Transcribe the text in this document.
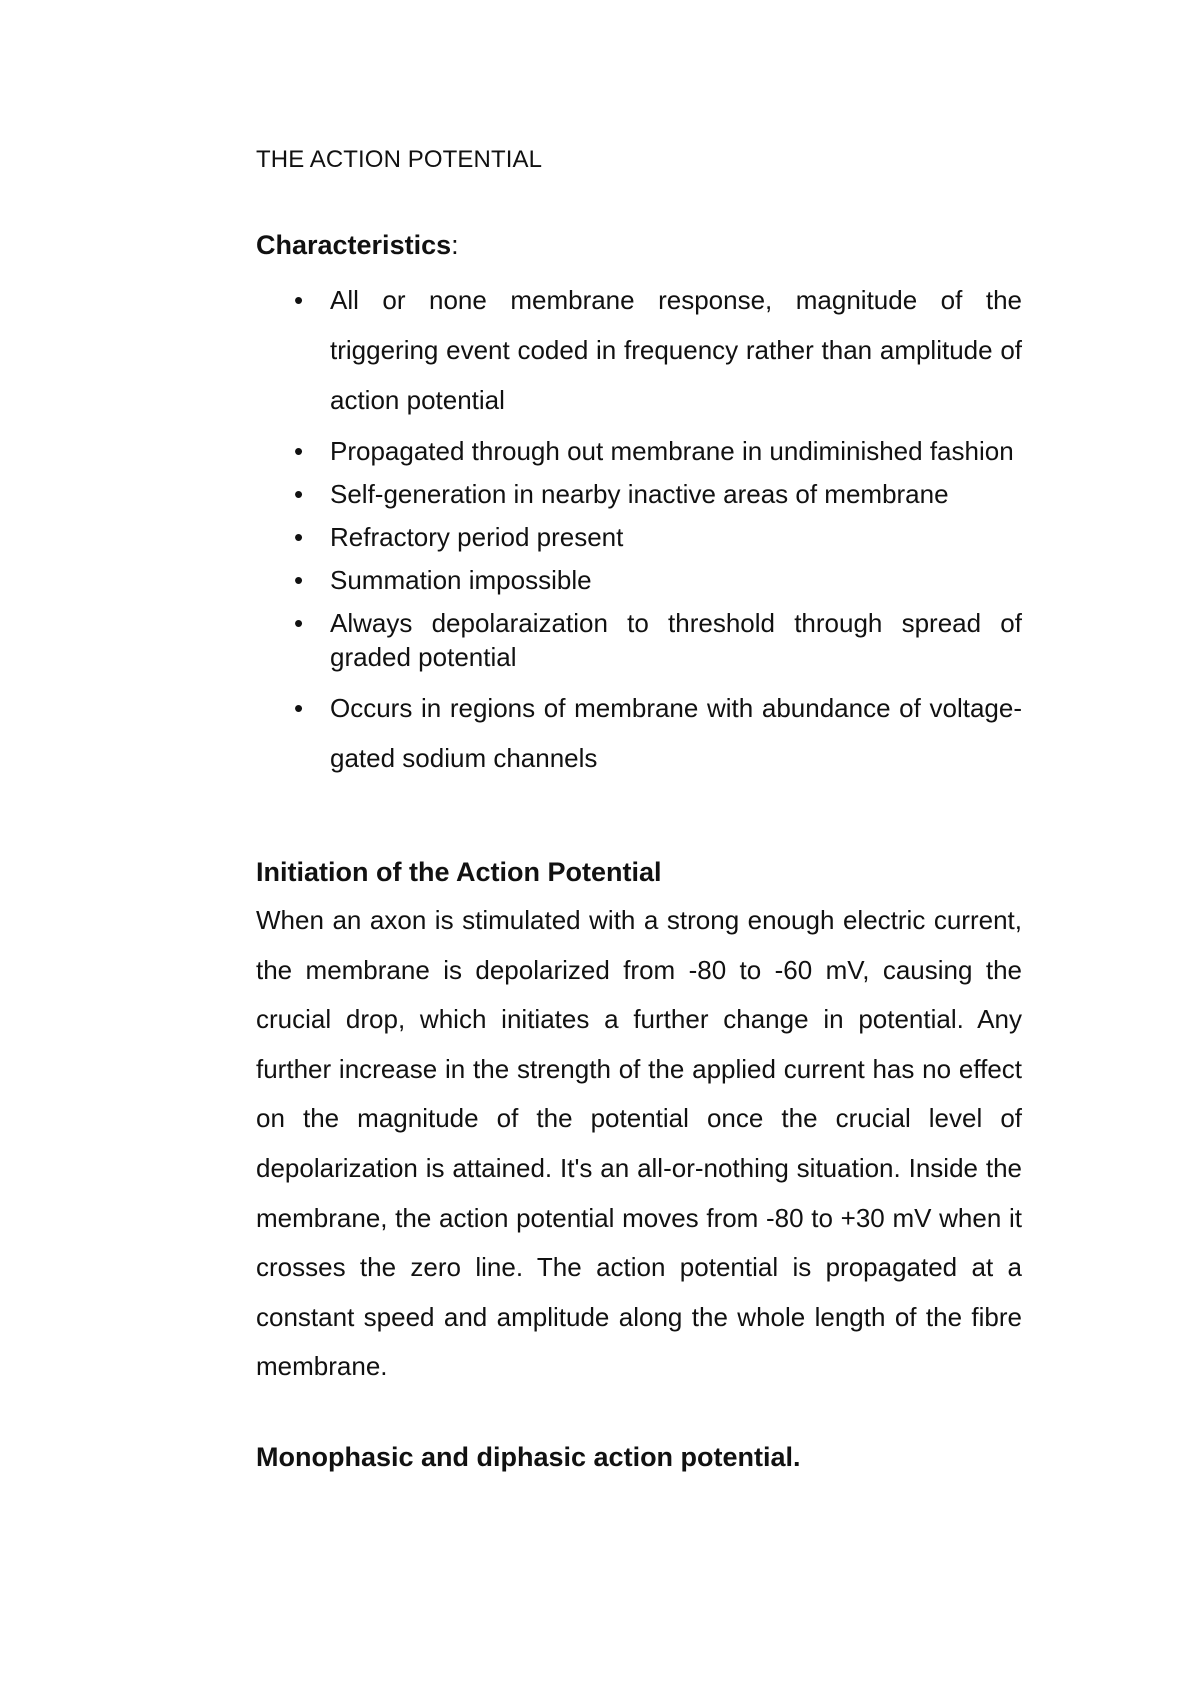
THE ACTION POTENTIAL
Characteristics:
• All or none membrane response, magnitude of the triggering event coded in frequency rather than amplitude of action potential
• Propagated through out membrane in undiminished fashion
• Self-generation in nearby inactive areas of membrane
• Refractory period present
• Summation impossible
• Always depolaraization to threshold through spread of graded potential
• Occurs in regions of membrane with abundance of voltage-gated sodium channels
Initiation of the Action Potential

When an axon is stimulated with a strong enough electric current, the membrane is depolarized from -80 to -60 mV, causing the crucial drop, which initiates a further change in potential. Any further increase in the strength of the applied current has no effect on the magnitude of the potential once the crucial level of depolarization is attained. It's an all-or-nothing situation. Inside the membrane, the action potential moves from -80 to +30 mV when it crosses the zero line. The action potential is propagated at a constant speed and amplitude along the whole length of the fibre membrane.

Monophasic and diphasic action potential.
